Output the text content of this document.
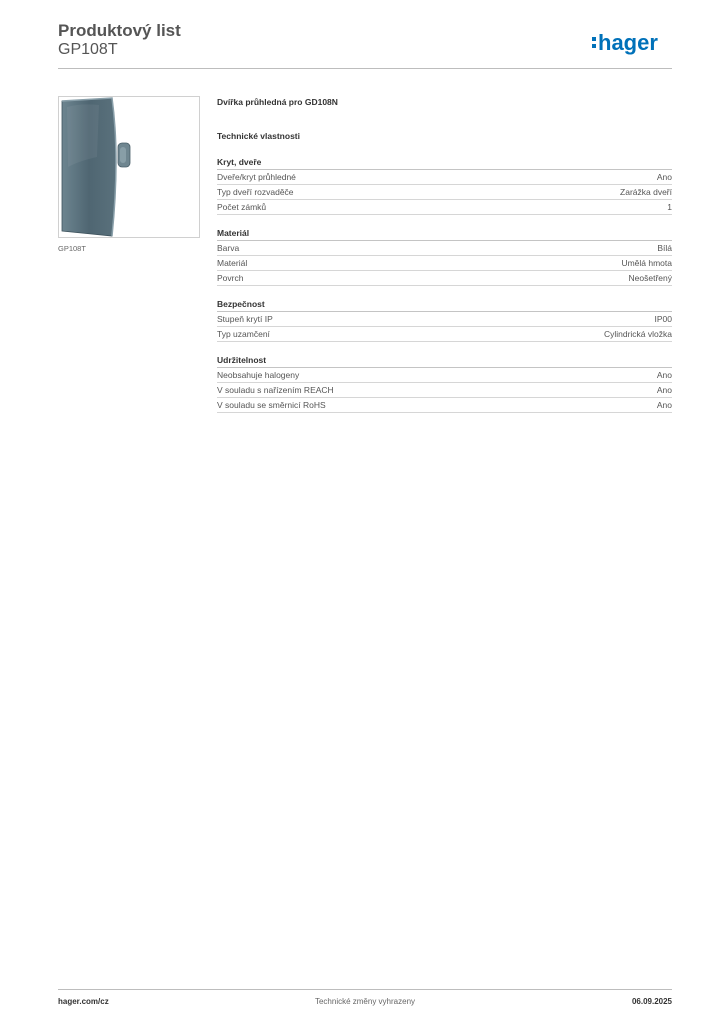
Produktový list
GP108T	hager
GP108T
Dvířka průhledná pro GD108N
Technické vlastnosti
Kryt, dveře
Dveře/kryt průhledné	Ano
Typ dveří rozvaděče	Zarážka dveří
Počet zámků	1
Materiál
Barva	Bílá
Materiál	Umělá hmota
Povrch	Neošetřený
Bezpečnost
Stupeň krytí IP	IP00
Typ uzamčení	Cylindrická vložka
Udržitelnost
Neobsahuje halogeny	Ano
V souladu s nařízením REACH	Ano
V souladu se směrnicí RoHS	Ano
hager.com/cz	Technické změny vyhrazeny	06.09.2025
